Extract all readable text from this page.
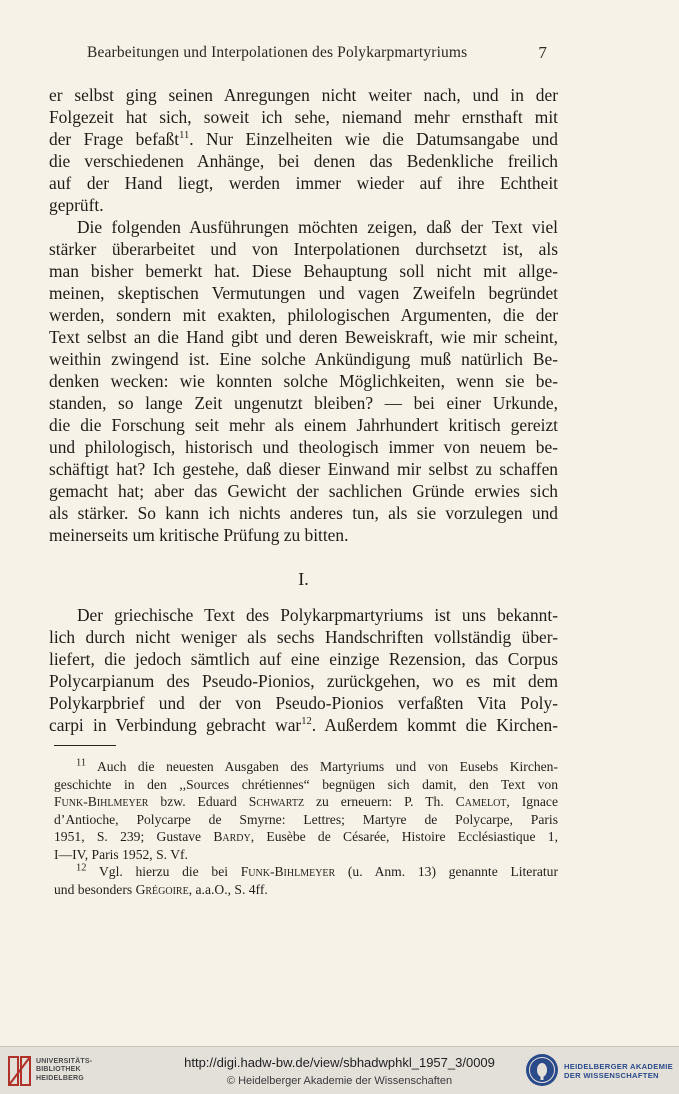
Bearbeitungen und Interpolationen des Polykarpmartyriums	7
er selbst ging seinen Anregungen nicht weiter nach, und in der
Folgezeit hat sich, soweit ich sehe, niemand mehr ernsthaft mit
der Frage befaßt$^{11}$. Nur Einzelheiten wie die Datumsangabe und
die verschiedenen Anhänge, bei denen das Bedenkliche freilich
auf der Hand liegt, werden immer wieder auf ihre Echtheit
geprüft.
Die folgenden Ausführungen möchten zeigen, daß der Text viel
stärker überarbeitet und von Interpolationen durchsetzt ist, als
man bisher bemerkt hat. Diese Behauptung soll nicht mit allge-
meinen, skeptischen Vermutungen und vagen Zweifeln begründet
werden, sondern mit exakten, philologischen Argumenten, die der
Text selbst an die Hand gibt und deren Beweiskraft, wie mir scheint,
weithin zwingend ist. Eine solche Ankündigung muß natürlich Be-
denken wecken: wie konnten solche Möglichkeiten, wenn sie be-
standen, so lange Zeit ungenutzt bleiben? — bei einer Urkunde,
die die Forschung seit mehr als einem Jahrhundert kritisch gereizt
und philologisch, historisch und theologisch immer von neuem be-
schäftigt hat? Ich gestehe, daß dieser Einwand mir selbst zu schaffen
gemacht hat; aber das Gewicht der sachlichen Gründe erwies sich
als stärker. So kann ich nichts anderes tun, als sie vorzulegen und
meinerseits um kritische Prüfung zu bitten.
I.
Der griechische Text des Polykarpmartyriums ist uns bekannt-
lich durch nicht weniger als sechs Handschriften vollständig über-
liefert, die jedoch sämtlich auf eine einzige Rezension, das Corpus
Polycarpianum des Pseudo-Pionios, zurückgehen, wo es mit dem
Polykarpbrief und der von Pseudo-Pionios verfaßten Vita Poly-
carpi in Verbindung gebracht war$^{12}$. Außerdem kommt die Kirchen-
$^{11}$ Auch die neuesten Ausgaben des Martyriums und von Eusebs Kirchen-
geschichte in den ,,Sources chrétiennes“ begnügen sich damit, den Text von
Funk-Bihlmeyer bzw. Eduard Schwartz zu erneuern: P. Th. Camelot, Ignace
d’Antioche, Polycarpe de Smyrne: Lettres; Martyre de Polycarpe, Paris
1951, S. 239; Gustave Bardy, Eusèbe de Césarée, Histoire Ecclésiastique 1,
I—IV, Paris 1952, S. Vf.
$^{12}$ Vgl. hierzu die bei Funk-Bihlmeyer (u. Anm. 13) genannte Literatur
und besonders Grégoire, a.a.O., S. 4ff.
UNIVERSITÄTS-
BIBLIOTHEK
HEIDELBERG
http://digi.hadw-bw.de/view/sbhadwphkl_1957_3/0009
© Heidelberger Akademie der Wissenschaften
HEIDELBERGER AKADEMIE
DER WISSENSCHAFTEN
